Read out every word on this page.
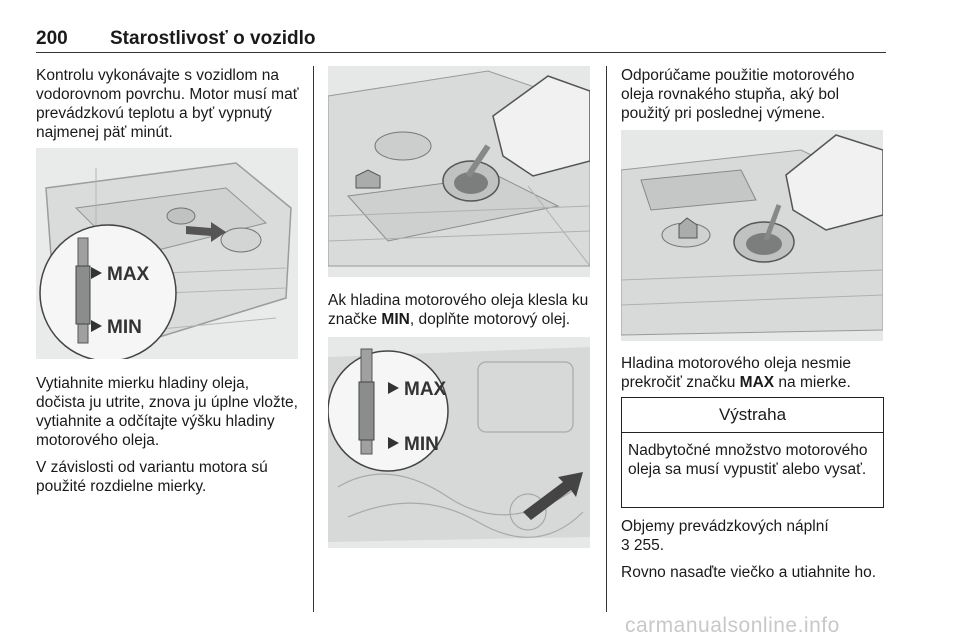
200 Starostlivosť o vozidlo

Kontrolu vykonávajte s vozidlom na vodorovnom povrchu. Motor musí mať prevádzkovú teplotu a byť vypnutý najmenej päť minút.

MAX
MIN

Vytiahnite mierku hladiny oleja, dočista ju utrite, znova ju úplne vložte, vytiahnite a odčítajte výšku hladiny motorového oleja.

V závislosti od variantu motora sú použité rozdielne mierky.

Ak hladina motorového oleja klesla ku značke MIN, doplňte motorový olej.

MAX
MIN

Odporúčame použitie motorového oleja rovnakého stupňa, aký bol použitý pri poslednej výmene.

Hladina motorového oleja nesmie prekročiť značku MAX na mierke.

Výstraha
Nadbytočné množstvo motorového oleja sa musí vypustiť alebo vysať.

Objemy prevádzkových náplní

3 255.

Rovno nasaďte viečko a utiahnite ho.

carmanualsonline.info
